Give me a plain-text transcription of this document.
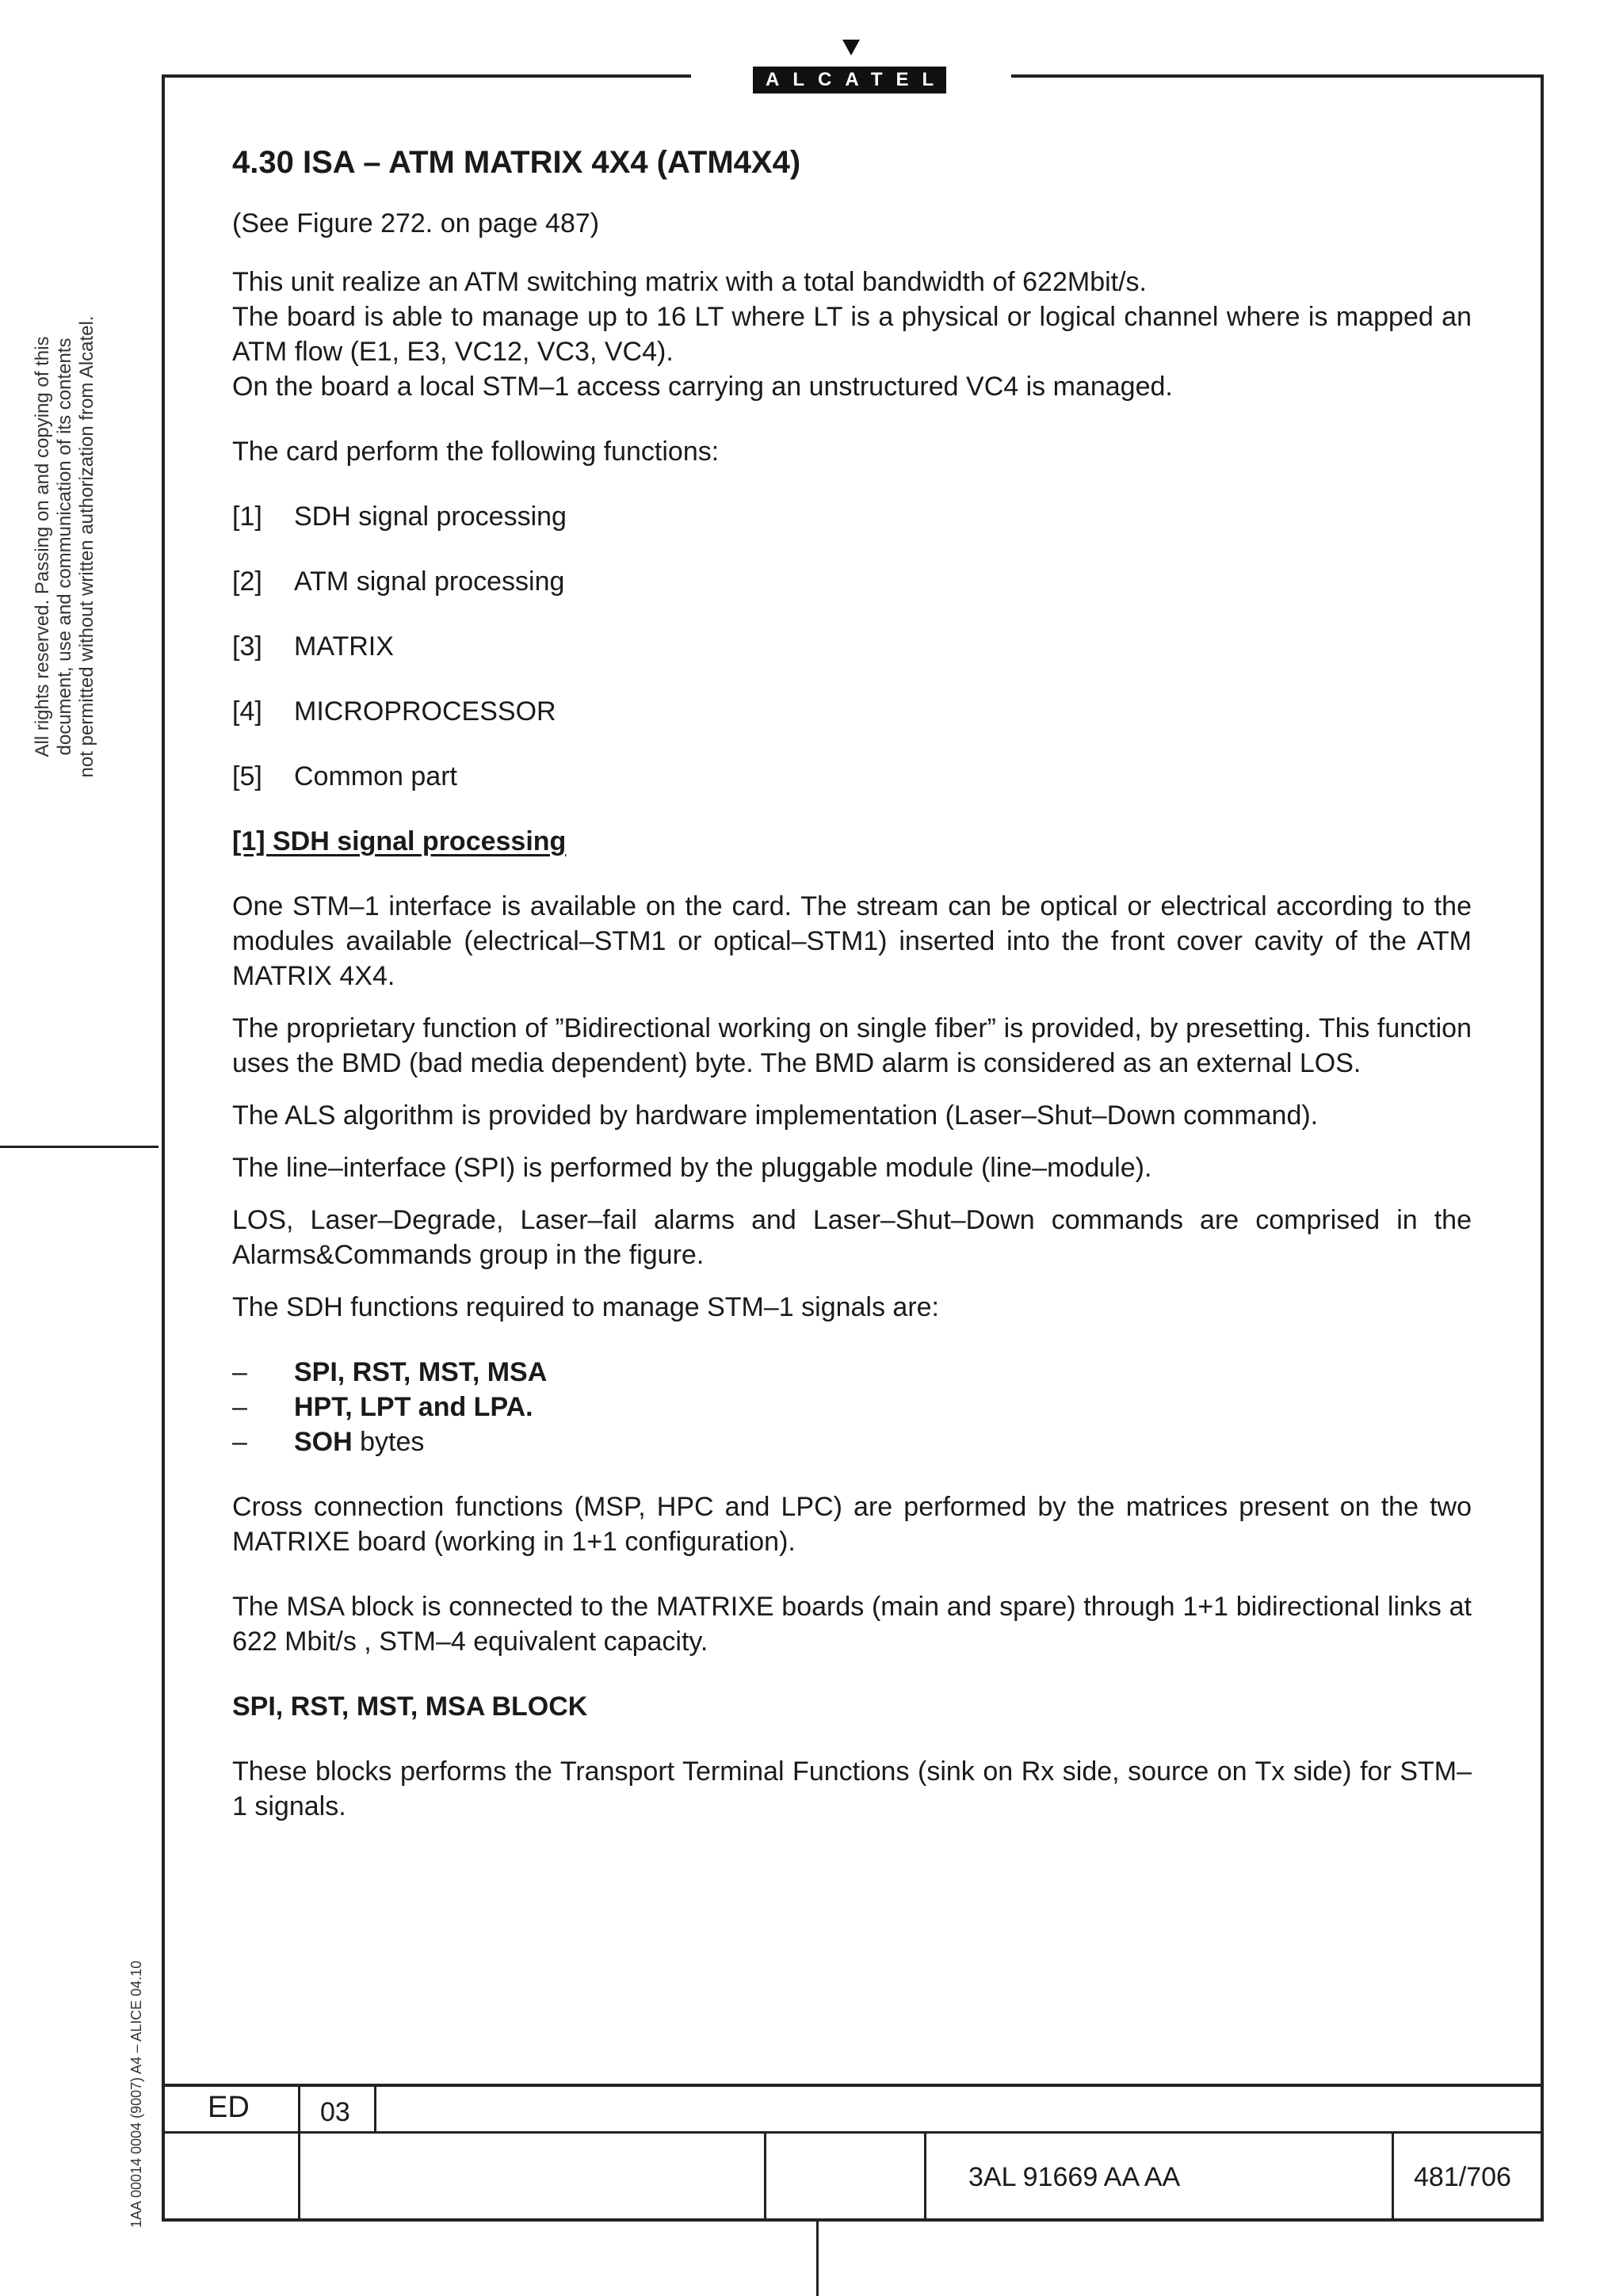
ALCATEL
All rights reserved. Passing on and copying of this document, use and communication of its contents not permitted without written authorization from Alcatel.
1AA 00014 0004 (9007) A4 – ALICE 04.10
4.30 ISA – ATM MATRIX 4X4 (ATM4X4)

(See Figure 272. on page 487)

This unit realize an ATM switching matrix with a total bandwidth of 622Mbit/s.

The board is able to manage up to 16 LT where LT is a physical or logical channel where is mapped an ATM flow (E1, E3, VC12, VC3, VC4).

On the board a local STM–1 access carrying an unstructured VC4 is managed.

The card perform the following functions:

[1]	SDH signal processing
[2]	ATM signal processing
[3]	MATRIX
[4]	MICROPROCESSOR
[5]	Common part

[1] SDH signal processing

One STM–1 interface is available on the card. The stream can be optical or electrical according to the modules available (electrical–STM1 or optical–STM1) inserted into the front cover cavity of the ATM MATRIX 4X4.

The proprietary function of ”Bidirectional working on single fiber” is provided, by presetting. This function uses the BMD (bad media dependent) byte. The BMD alarm is considered as an external LOS.

The ALS algorithm is provided by hardware implementation (Laser–Shut–Down command).

The line–interface (SPI) is performed by the pluggable module (line–module).

LOS, Laser–Degrade, Laser–fail alarms and Laser–Shut–Down commands are comprised in the Alarms&Commands group in the figure.

The SDH functions required to manage STM–1 signals are:

–	SPI, RST, MST, MSA
–	HPT, LPT and LPA.
–	SOH bytes

Cross connection functions (MSP, HPC and LPC) are performed by the matrices present on the two MATRIXE board (working in 1+1 configuration).

The MSA block is connected to the MATRIXE boards (main and spare) through 1+1 bidirectional links at 622 Mbit/s , STM–4 equivalent capacity.

SPI, RST, MST, MSA BLOCK

These blocks performs the Transport Terminal Functions (sink on Rx side, source on Tx side) for STM–1 signals.

ED	03
3AL 91669 AA AA	481/706
